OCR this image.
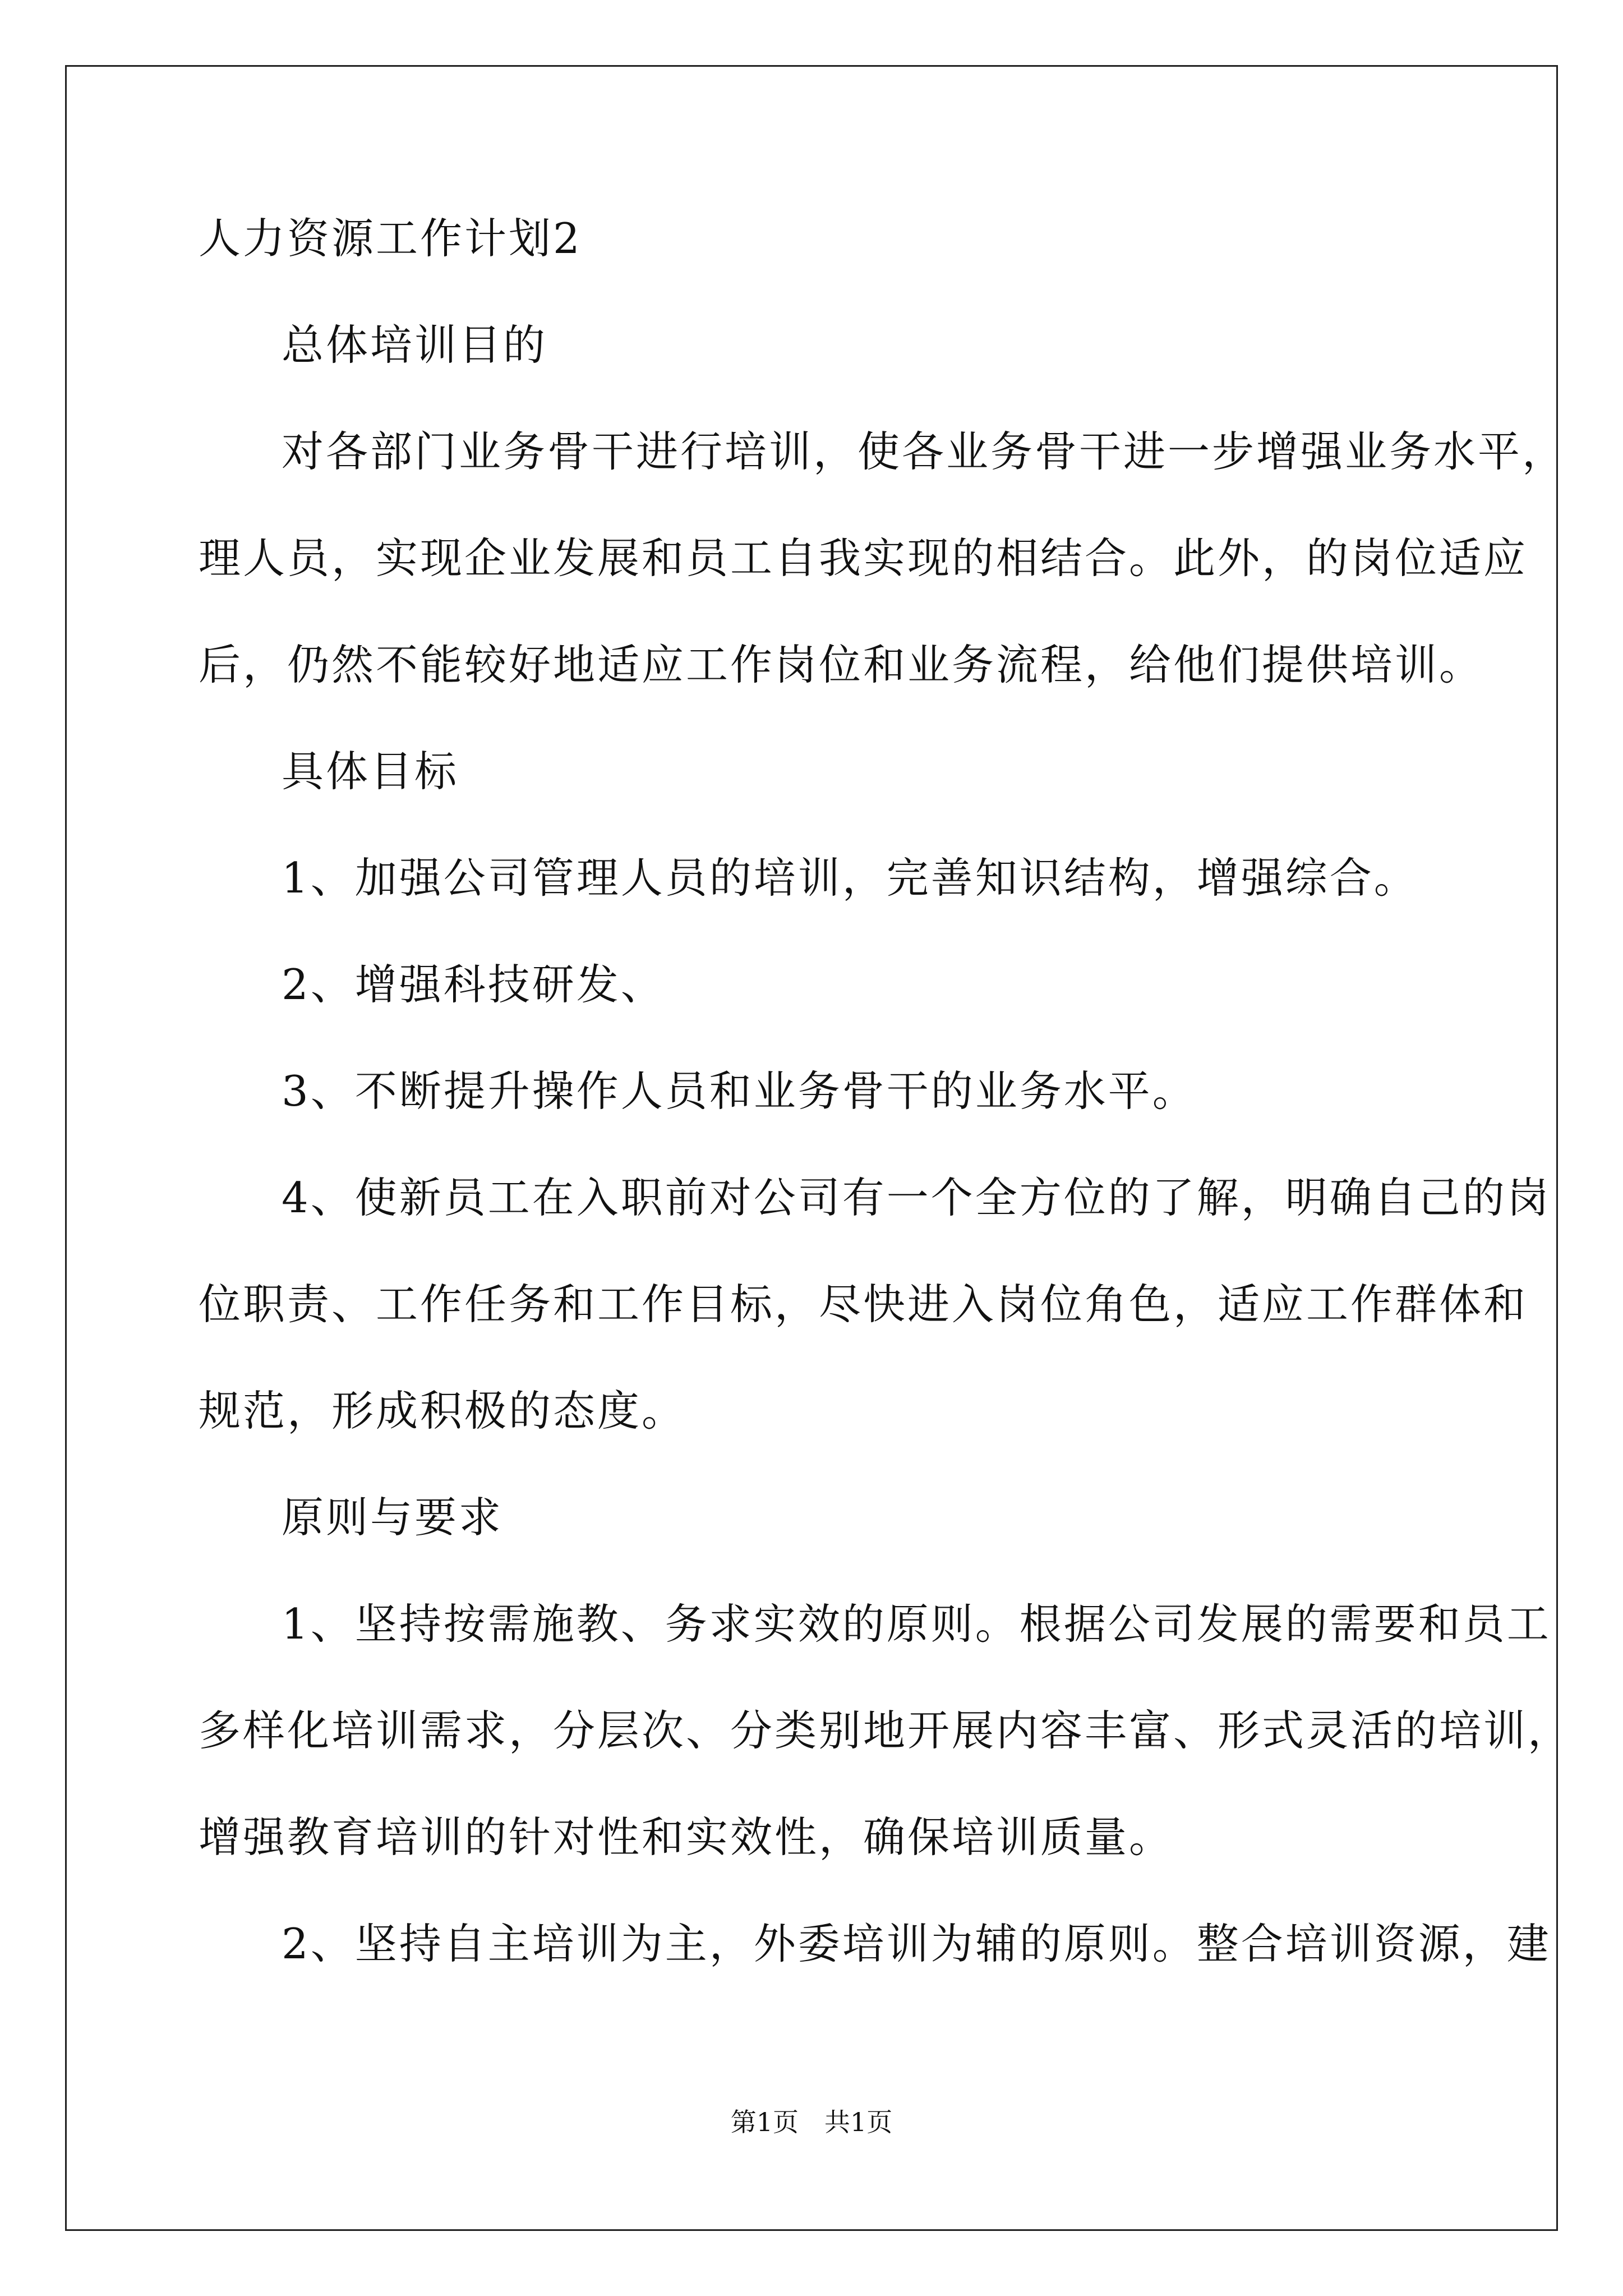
人力资源工作计划2
总体培训目的
对各部门业务骨干进行培训，使各业务骨干进一步增强业务水平，
理人员，实现企业发展和员工自我实现的相结合。此外，的岗位适应
后，仍然不能较好地适应工作岗位和业务流程，给他们提供培训。
具体目标
1、加强公司管理人员的培训，完善知识结构，增强综合。
2、增强科技研发、
3、不断提升操作人员和业务骨干的业务水平。
4、使新员工在入职前对公司有一个全方位的了解，明确自己的岗
位职责、工作任务和工作目标，尽快进入岗位角色，适应工作群体和
规范，形成积极的态度。
原则与要求
1、坚持按需施教、务求实效的原则。根据公司发展的需要和员工
多样化培训需求，分层次、分类别地开展内容丰富、形式灵活的培训，
增强教育培训的针对性和实效性，确保培训质量。
2、坚持自主培训为主，外委培训为辅的原则。整合培训资源，建
第1页 共1页
